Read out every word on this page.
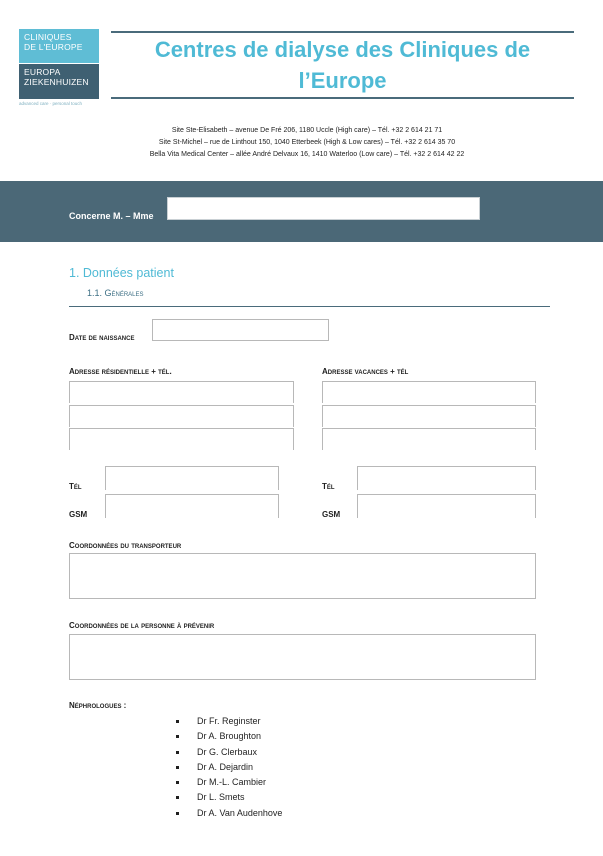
CLINIQUES
DE L'EUROPE
EUROPA
ZIEKENHUIZEN
advanced care · personal touch
Centres de dialyse des Cliniques de l’Europe
Site Ste-Elisabeth – avenue De Fré 206, 1180 Uccle (High care) – Tél. +32 2 614 21 71
Site St-Michel – rue de Linthout 150, 1040 Etterbeek (High & Low cares) – Tél. +32 2 614 35 70
Bella Vita Medical Center – allée André Delvaux 16, 1410 Waterloo (Low care) – Tél. +32 2 614 42 22
Concerne M. – Mme
1. Données patient
1.1. Générales
Date de naissance
Adresse résidentielle + tél.	Adresse vacances + tél
Tél
GSM
Tél
GSM
Coordonnées du transporteur
Coordonnées de la personne à prévenir
Néphrologues :
Dr Fr. Reginster
Dr A. Broughton
Dr G. Clerbaux
Dr A. Dejardin
Dr M.-L. Cambier
Dr L. Smets
Dr A. Van Audenhove
